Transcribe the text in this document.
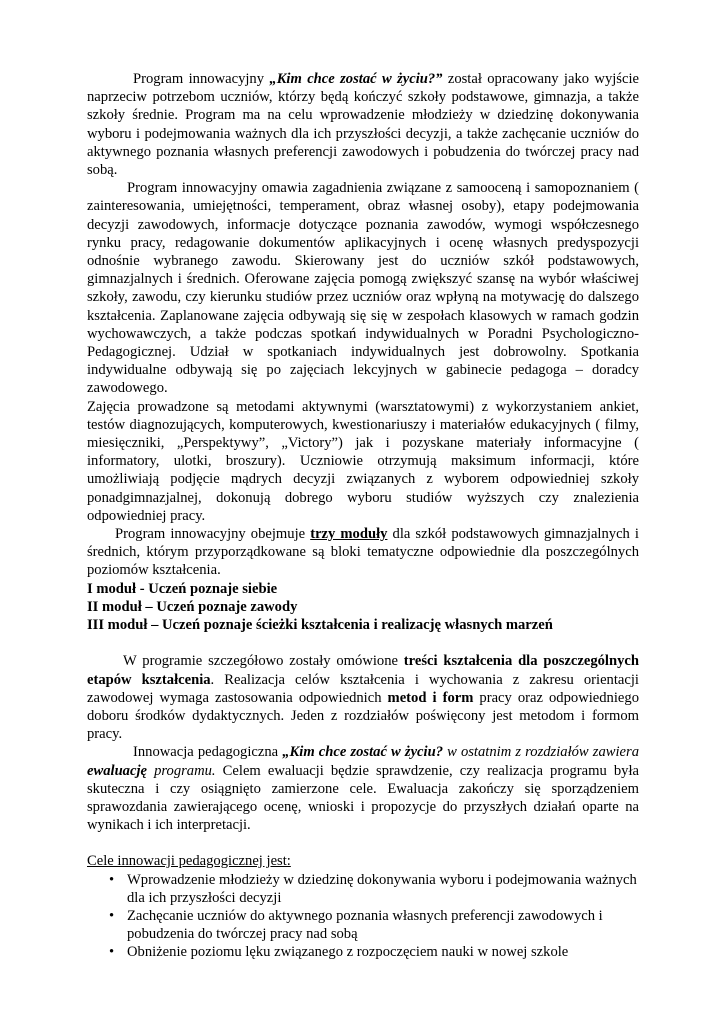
Program innowacyjny „Kim chce zostać w życiu?” został opracowany jako wyjście naprzeciw potrzebom uczniów, którzy będą kończyć szkoły podstawowe, gimnazja, a także szkoły średnie. Program ma na celu wprowadzenie młodzieży w dziedzinę dokonywania wyboru i podejmowania ważnych dla ich przyszłości decyzji, a także zachęcanie uczniów do aktywnego poznania własnych preferencji zawodowych i pobudzenia do twórczej pracy nad sobą.

Program innowacyjny omawia zagadnienia związane z samooceną i samopoznaniem ( zainteresowania, umiejętności, temperament, obraz własnej osoby), etapy podejmowania decyzji zawodowych, informacje dotyczące poznania zawodów, wymogi współczesnego rynku pracy, redagowanie dokumentów aplikacyjnych i ocenę własnych predyspozycji odnośnie wybranego zawodu. Skierowany jest do uczniów szkół podstawowych, gimnazjalnych i średnich. Oferowane zajęcia pomogą zwiększyć szansę na wybór właściwej szkoły, zawodu, czy kierunku studiów przez uczniów oraz wpłyną na motywację do dalszego kształcenia. Zaplanowane zajęcia odbywają się się w zespołach klasowych w ramach godzin wychowawczych, a także podczas spotkań indywidualnych w Poradni Psychologiczno-Pedagogicznej. Udział w spotkaniach indywidualnych jest dobrowolny. Spotkania indywidualne odbywają się po zajęciach lekcyjnych w gabinecie pedagoga – doradcy zawodowego.

Zajęcia prowadzone są metodami aktywnymi (warsztatowymi) z wykorzystaniem ankiet, testów diagnozujących, komputerowych, kwestionariuszy i materiałów edukacyjnych ( filmy, miesięczniki, „Perspektywy”, „Victory”) jak i pozyskane materiały informacyjne ( informatory, ulotki, broszury). Uczniowie otrzymują maksimum informacji, które umożliwiają podjęcie mądrych decyzji związanych z wyborem odpowiedniej szkoły ponadgimnazjalnej, dokonują dobrego wyboru studiów wyższych czy znalezienia odpowiedniej pracy.

Program innowacyjny obejmuje trzy moduły dla szkół podstawowych gimnazjalnych i średnich, którym przyporządkowane są bloki tematyczne odpowiednie dla poszczególnych poziomów kształcenia.

I moduł - Uczeń poznaje siebie

II moduł – Uczeń poznaje zawody

III moduł – Uczeń poznaje ścieżki kształcenia i realizację własnych marzeń

W programie szczegółowo zostały omówione treści kształcenia dla poszczególnych etapów kształcenia. Realizacja celów kształcenia i wychowania z zakresu orientacji zawodowej wymaga zastosowania odpowiednich metod i form pracy oraz odpowiedniego doboru środków dydaktycznych. Jeden z rozdziałów poświęcony jest metodom i formom pracy.

Innowacja pedagogiczna „Kim chce zostać w życiu? w ostatnim z rozdziałów zawiera ewaluację programu. Celem ewaluacji będzie sprawdzenie, czy realizacja programu była skuteczna i czy osiągnięto zamierzone cele. Ewaluacja zakończy się sporządzeniem sprawozdania zawierającego ocenę, wnioski i propozycje do przyszłych działań oparte na wynikach i ich interpretacji.

Cele innowacji pedagogicznej jest:

• Wprowadzenie młodzieży w dziedzinę dokonywania wyboru i podejmowania ważnych dla ich przyszłości decyzji
• Zachęcanie uczniów do aktywnego poznania własnych preferencji zawodowych i pobudzenia do twórczej pracy nad sobą
• Obniżenie poziomu lęku związanego z rozpoczęciem nauki w nowej szkole
